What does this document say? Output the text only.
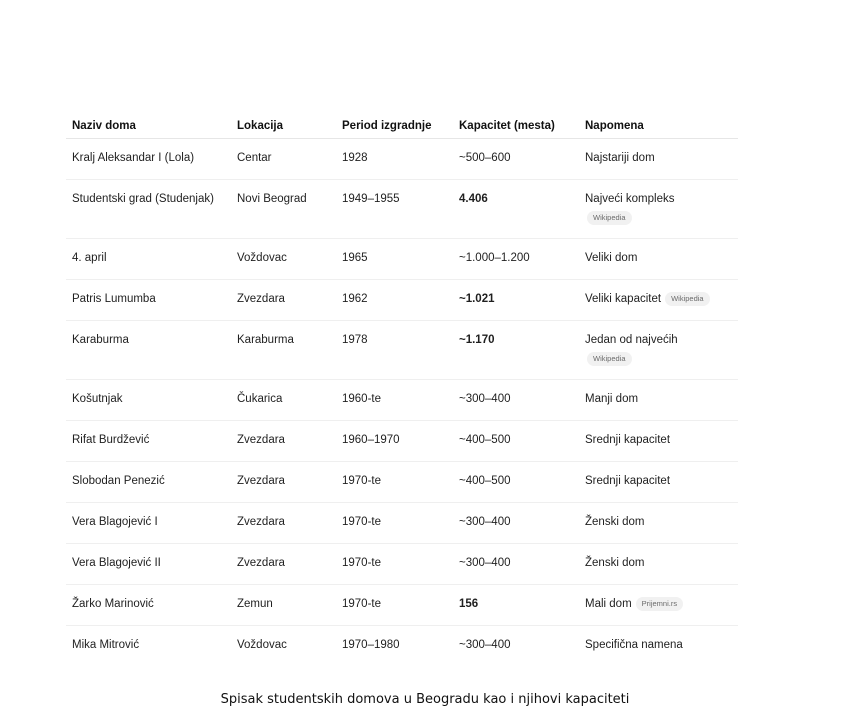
Naziv doma	Lokacija	Period izgradnje	Kapacitet (mesta)	Napomena
Kralj Aleksandar I (Lola)	Centar	1928	~500–600	Najstariji dom
Studentski grad (Studenjak)	Novi Beograd	1949–1955	4.406	Najveći kompleks
Wikipedia
4. april	Voždovac	1965	~1.000–1.200	Veliki dom
Patris Lumumba	Zvezdara	1962	~1.021	Veliki kapacitet Wikipedia
Karaburma	Karaburma	1978	~1.170	Jedan od najvećih
Wikipedia
Košutnjak	Čukarica	1960-te	~300–400	Manji dom
Rifat Burdžević	Zvezdara	1960–1970	~400–500	Srednji kapacitet
Slobodan Penezić	Zvezdara	1970-te	~400–500	Srednji kapacitet
Vera Blagojević I	Zvezdara	1970-te	~300–400	Ženski dom
Vera Blagojević II	Zvezdara	1970-te	~300–400	Ženski dom
Žarko Marinović	Zemun	1970-te	156	Mali dom Prijemni.rs
Mika Mitrović	Voždovac	1970–1980	~300–400	Specifična namena
Spisak studentskih domova u Beogradu kao i njihovi kapaciteti
